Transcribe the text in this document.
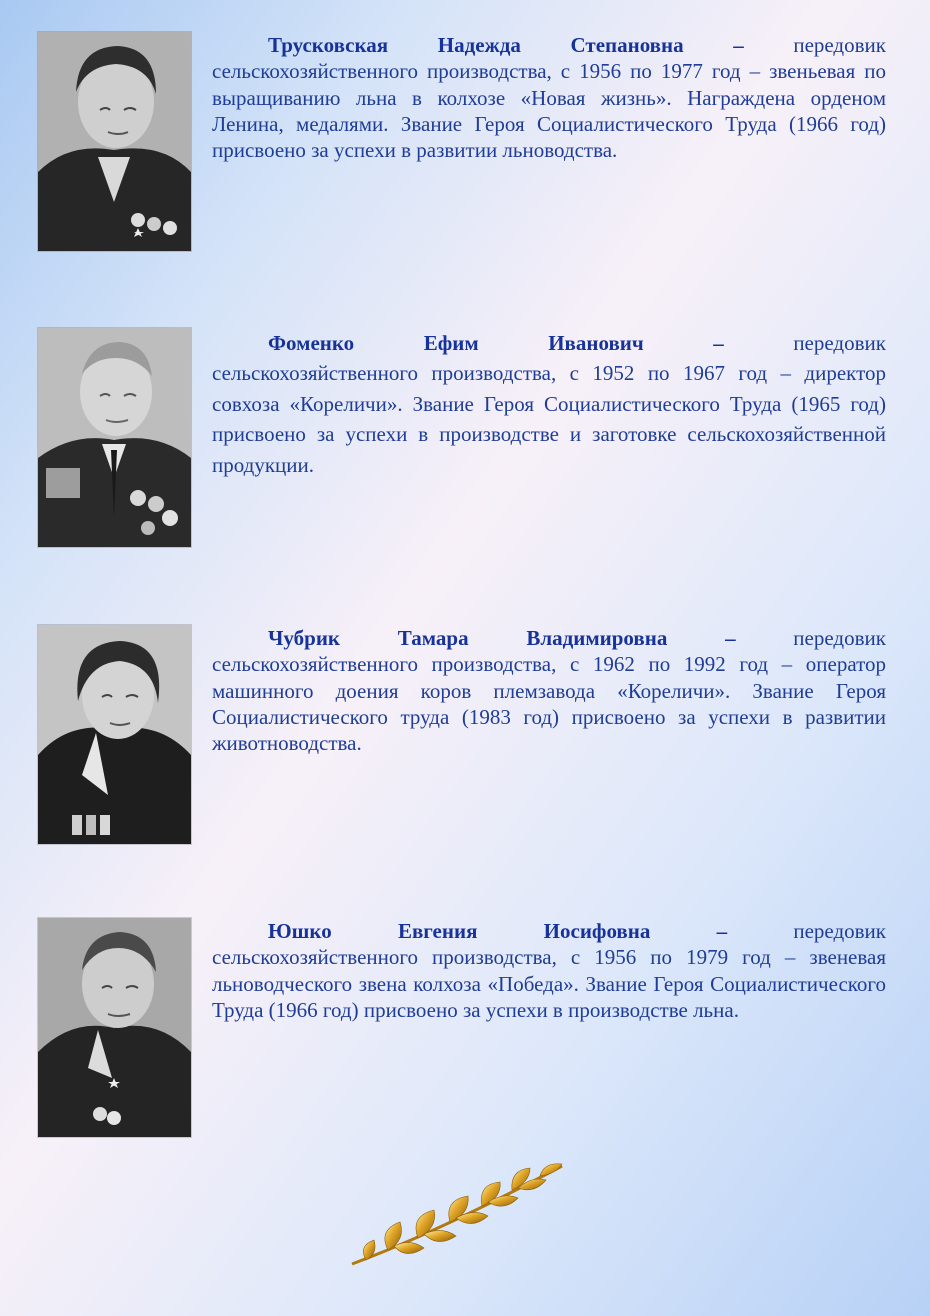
Трусковская Надежда Степановна – передовик
сельскохозяйственного производства, с 1956 по 1977 год – звеньевая по выращиванию льна в колхозе «Новая жизнь». Награждена орденом Ленина, медалями. Звание Героя Социалистического Труда (1966 год) присвоено за успехи в развитии льноводства.
Фоменко	Ефим	Иванович	–	передовик
сельскохозяйственного производства, с 1952 по 1967 год – директор совхоза «Кореличи». Звание Героя Социалистического Труда (1965 год) присвоено за успехи в производстве и заготовке сельскохозяйственной продукции.
Чубрик	Тамара	Владимировна	–	передовик
сельскохозяйственного производства, с 1962 по 1992 год – оператор машинного доения коров племзавода «Кореличи». Звание Героя Социалистического труда (1983 год) присвоено за успехи в развитии животноводства.
Юшко	Евгения	Иосифовна	–	передовик
сельскохозяйственного производства, с 1956 по 1979 год – звеневая льноводческого звена колхоза «Победа». Звание Героя Социалистического Труда (1966 год) присвоено за успехи в производстве льна.
